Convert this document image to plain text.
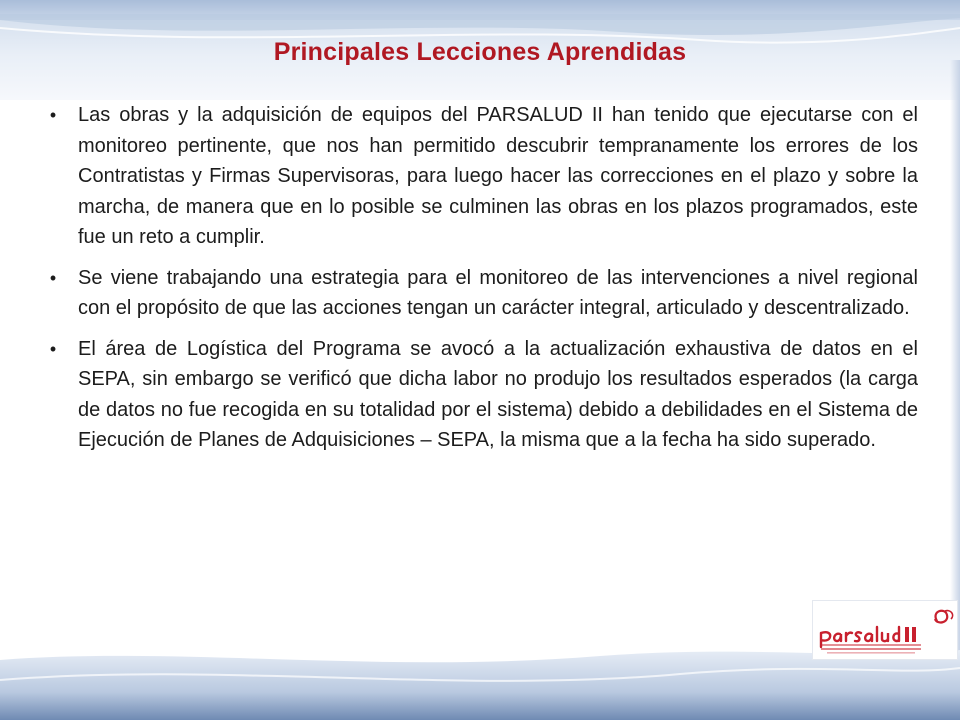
Principales Lecciones Aprendidas
• Las obras y la adquisición de equipos del PARSALUD II han tenido que ejecutarse con el monitoreo pertinente, que nos han permitido descubrir tempranamente los errores de los Contratistas y Firmas Supervisoras, para luego hacer las correcciones en el plazo y sobre la marcha, de manera que en lo posible se culminen las obras en los plazos programados, este fue un reto a cumplir.
• Se viene trabajando una estrategia para el monitoreo de las intervenciones a nivel regional con el propósito de que las acciones tengan un carácter integral, articulado y descentralizado.
• El área de Logística del Programa se avocó a la actualización exhaustiva de datos en el SEPA, sin embargo se verificó que dicha labor no produjo los resultados esperados (la carga de datos no fue recogida en su totalidad por el sistema) debido a debilidades en el Sistema de Ejecución de Planes de Adquisiciones – SEPA, la misma que a la fecha ha sido superado.
